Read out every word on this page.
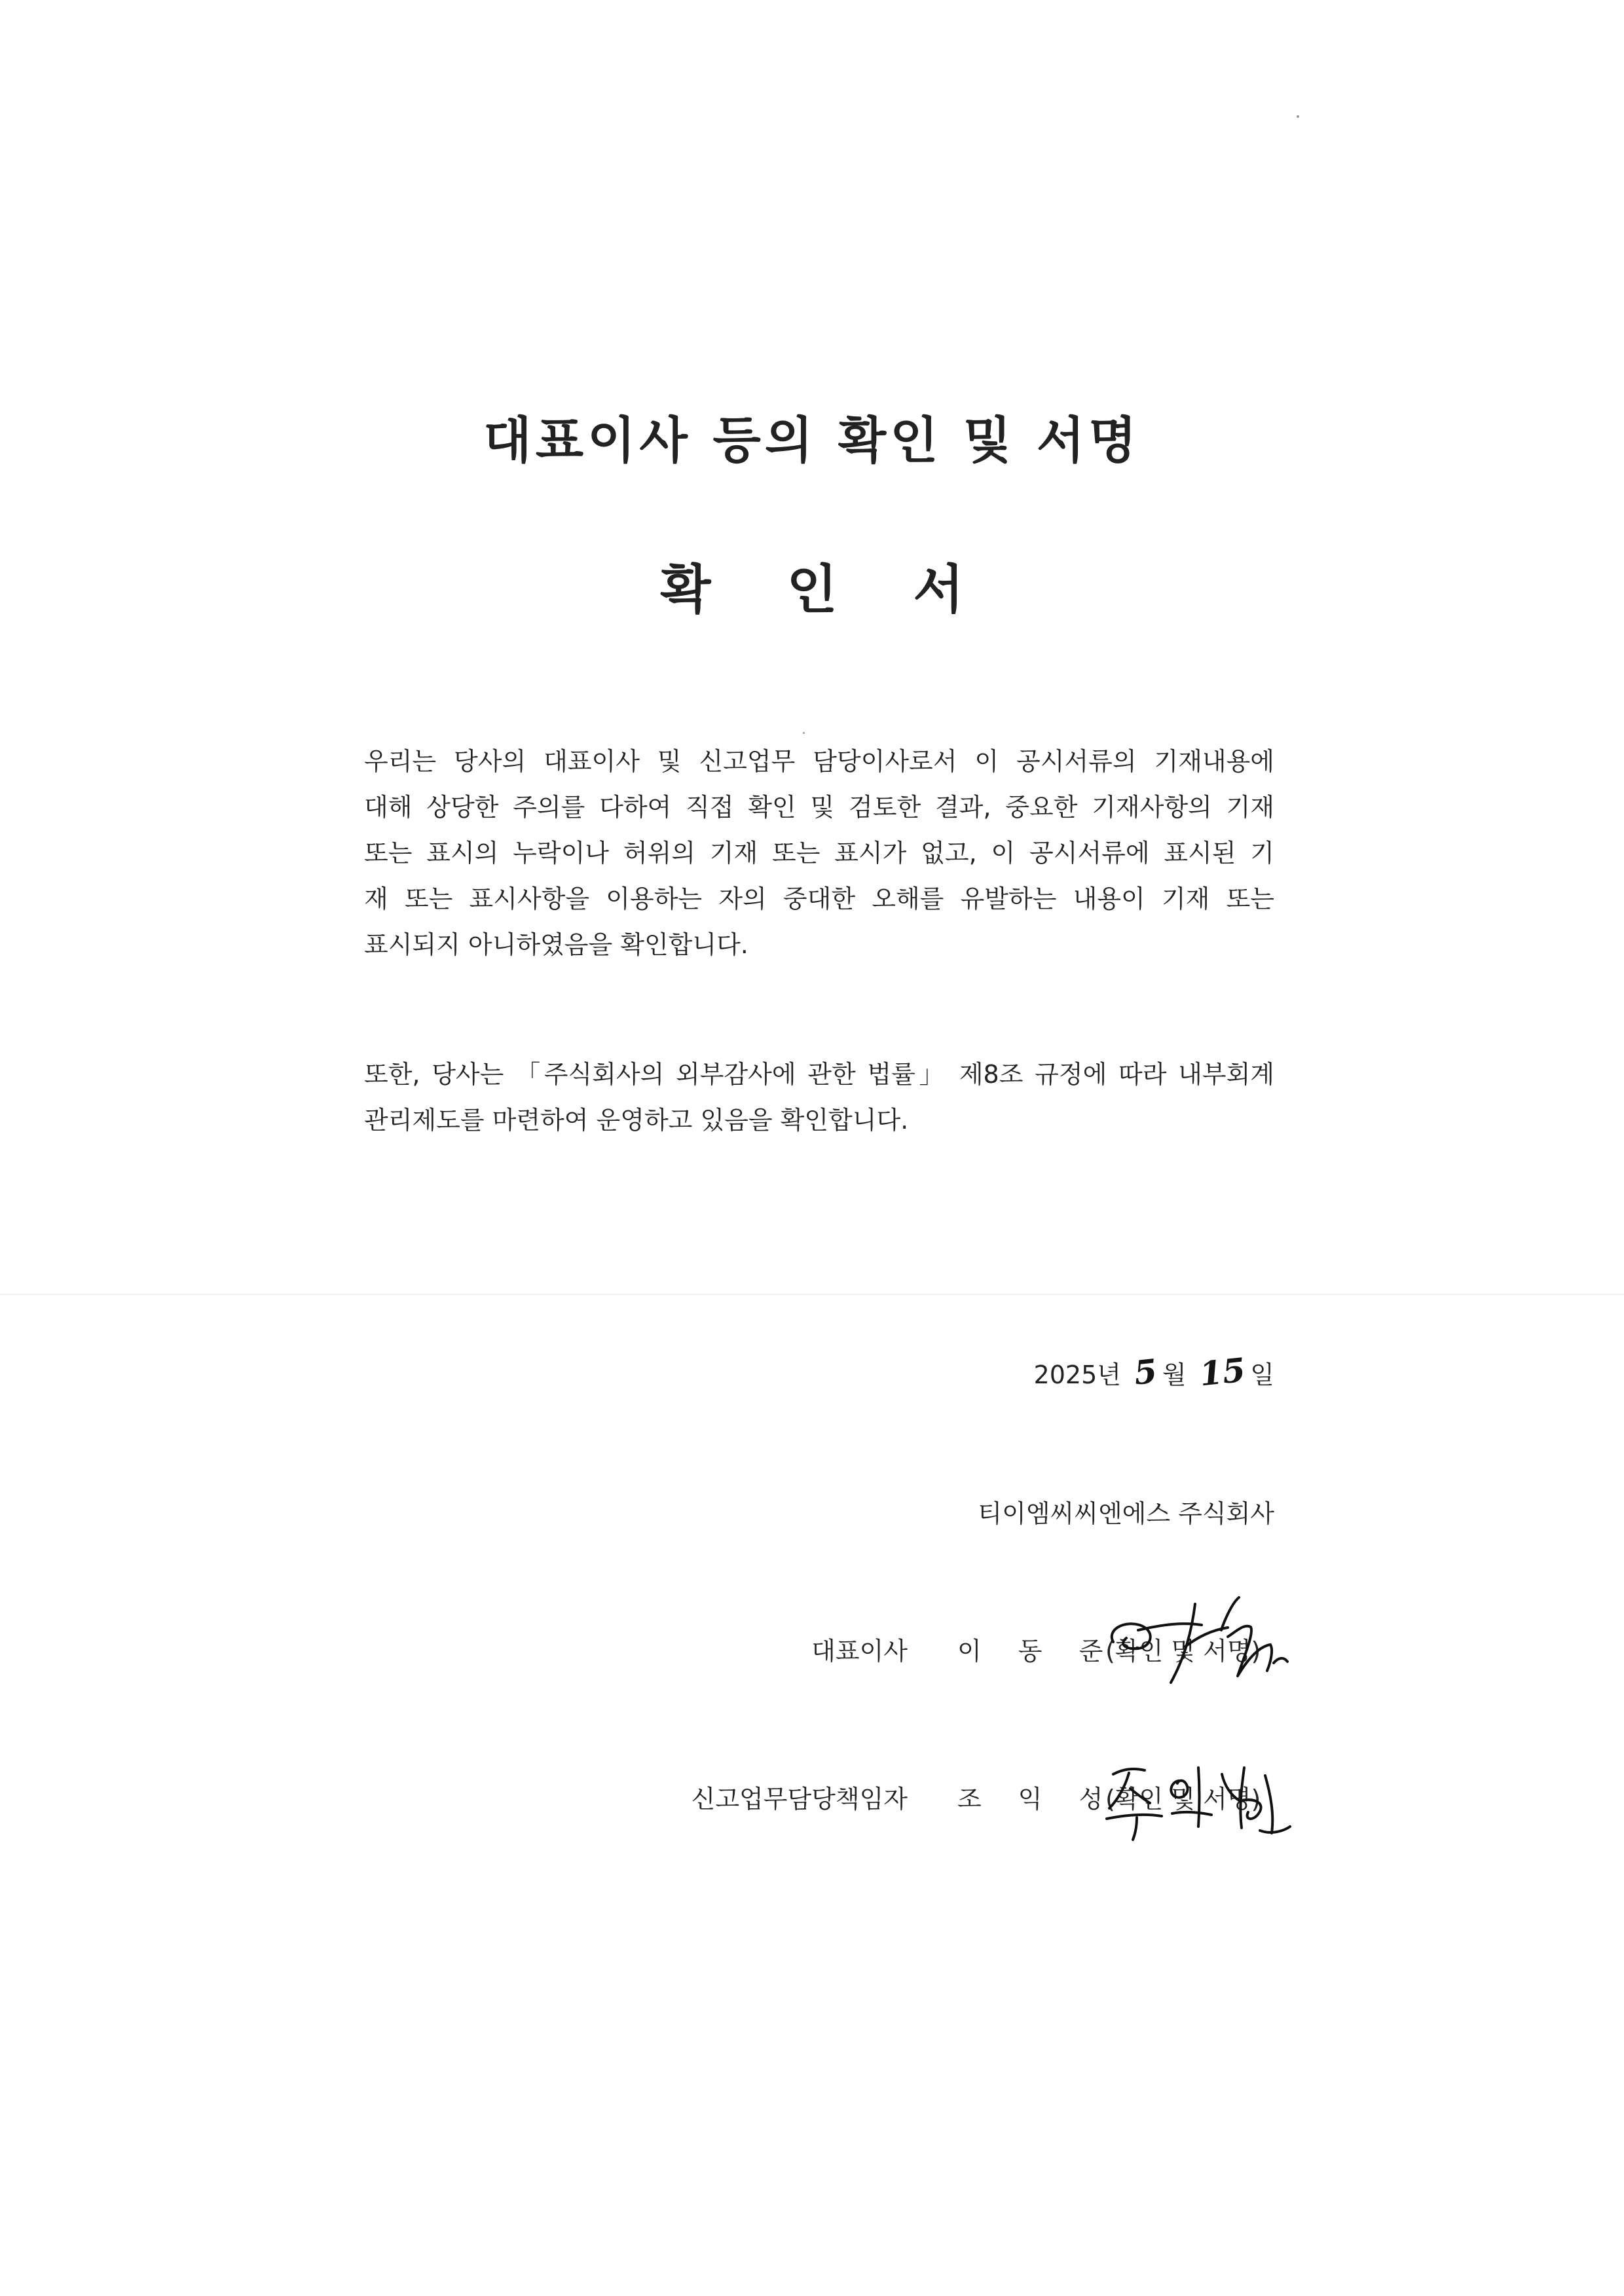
대표이사 등의 확인 및 서명
확 인 서
우리는 당사의 대표이사 및 신고업무 담당이사로서 이 공시서류의 기재내용에
대해 상당한 주의를 다하여 직접 확인 및 검토한 결과, 중요한 기재사항의 기재
또는 표시의 누락이나 허위의 기재 또는 표시가 없고, 이 공시서류에 표시된 기
재 또는 표시사항을 이용하는 자의 중대한 오해를 유발하는 내용이 기재 또는
표시되지 아니하였음을 확인합니다.
또한, 당사는 「주식회사의 외부감사에 관한 법률」 제8조 규정에 따라 내부회계
관리제도를 마련하여 운영하고 있음을 확인합니다.
2025년 5 월 15 일
티이엠씨씨엔에스 주식회사
대표이사 이 동 준
(확인 및 서명)
신고업무담당책임자 조 익 성
(확인 및 서명)
